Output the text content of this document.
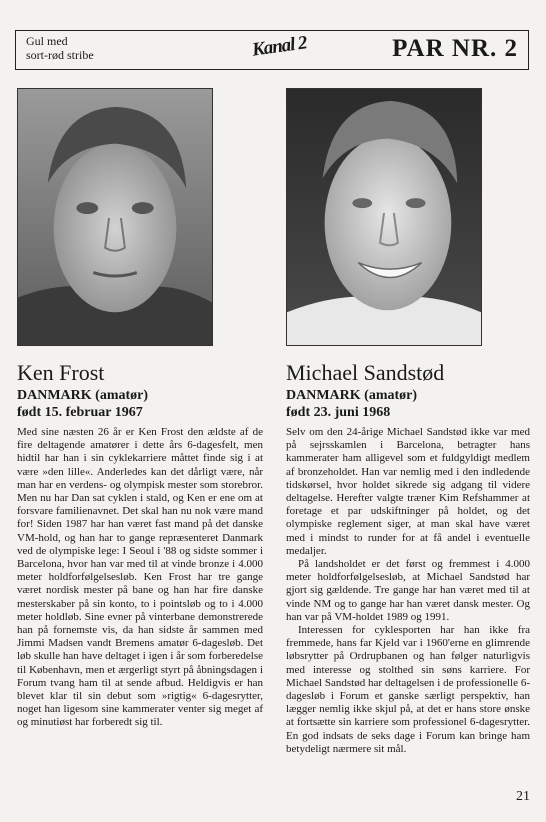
Gul med
sort-rød stribe	Kanal 2	PAR NR. 2
Ken Frost
DANMARK (amatør)
født 15. februar 1967

Med sine næsten 26 år er Ken Frost den ældste af de fire deltagende amatører i dette års 6-dagesfelt, men hidtil har han i sin cyklekarriere måttet finde sig i at være »den lille«. Anderledes kan det dårligt være, når man har en verdens- og olympisk mester som storebror. Men nu har Dan sat cyklen i stald, og Ken er ene om at forsvare familienavnet. Det skal han nu nok være mand for! Siden 1987 har han været fast mand på det danske VM-hold, og han har to gange repræsenteret Danmark ved de olympiske lege: I Seoul i '88 og sidste sommer i Barcelona, hvor han var med til at vinde bronze i 4.000 meter holdforfølgelsesløb. Ken Frost har tre gange været nordisk mester på bane og han har fire danske mesterskaber på sin konto, to i pointsløb og to i 4.000 meter holdløb. Sine evner på vinterbane demonstrerede han på fornemste vis, da han sidste år sammen med Jimmi Madsen vandt Bremens amatør 6-dagesløb. Det løb skulle han have deltaget i igen i år som forberedelse til København, men et ærgerligt styrt på åbningsdagen i Forum tvang ham til at sende afbud. Heldigvis er han blevet klar til sin debut som »rigtig« 6-dagesrytter, noget han ligesom sine kammerater venter sig meget af og minutiøst har forberedt sig til.

Michael Sandstød
DANMARK (amatør)
født 23. juni 1968

Selv om den 24-årige Michael Sandstød ikke var med på sejrsskamlen i Barcelona, betragter hans kammerater ham alligevel som et fuldgyldigt medlem af bronzeholdet. Han var nemlig med i den indledende tidskørsel, hvor holdet sikrede sig adgang til videre deltagelse. Herefter valgte træner Kim Refshammer at foretage et par udskiftninger på holdet, og det olympiske reglement siger, at man skal have været med i mindst to runder for at få andel i eventuelle medaljer.

På landsholdet er det først og fremmest i 4.000 meter holdforfølgelsesløb, at Michael Sandstød har gjort sig gældende. Tre gange har han været med til at vinde NM og to gange har han været dansk mester. Og han var på VM-holdet 1989 og 1991.

Interessen for cyklesporten har han ikke fra fremmede, hans far Kjeld var i 1960'erne en glimrende løbsrytter på Ordrupbanen og han følger naturligvis med interesse og stolthed sin søns karriere. For Michael Sandstød har deltagelsen i de professionelle 6-dagesløb i Forum et ganske særligt perspektiv, han lægger nemlig ikke skjul på, at det er hans store ønske at fortsætte sin karriere som professionel 6-dagesrytter. En god indsats de seks dage i Forum kan bringe ham betydeligt nærmere sit mål.

21
